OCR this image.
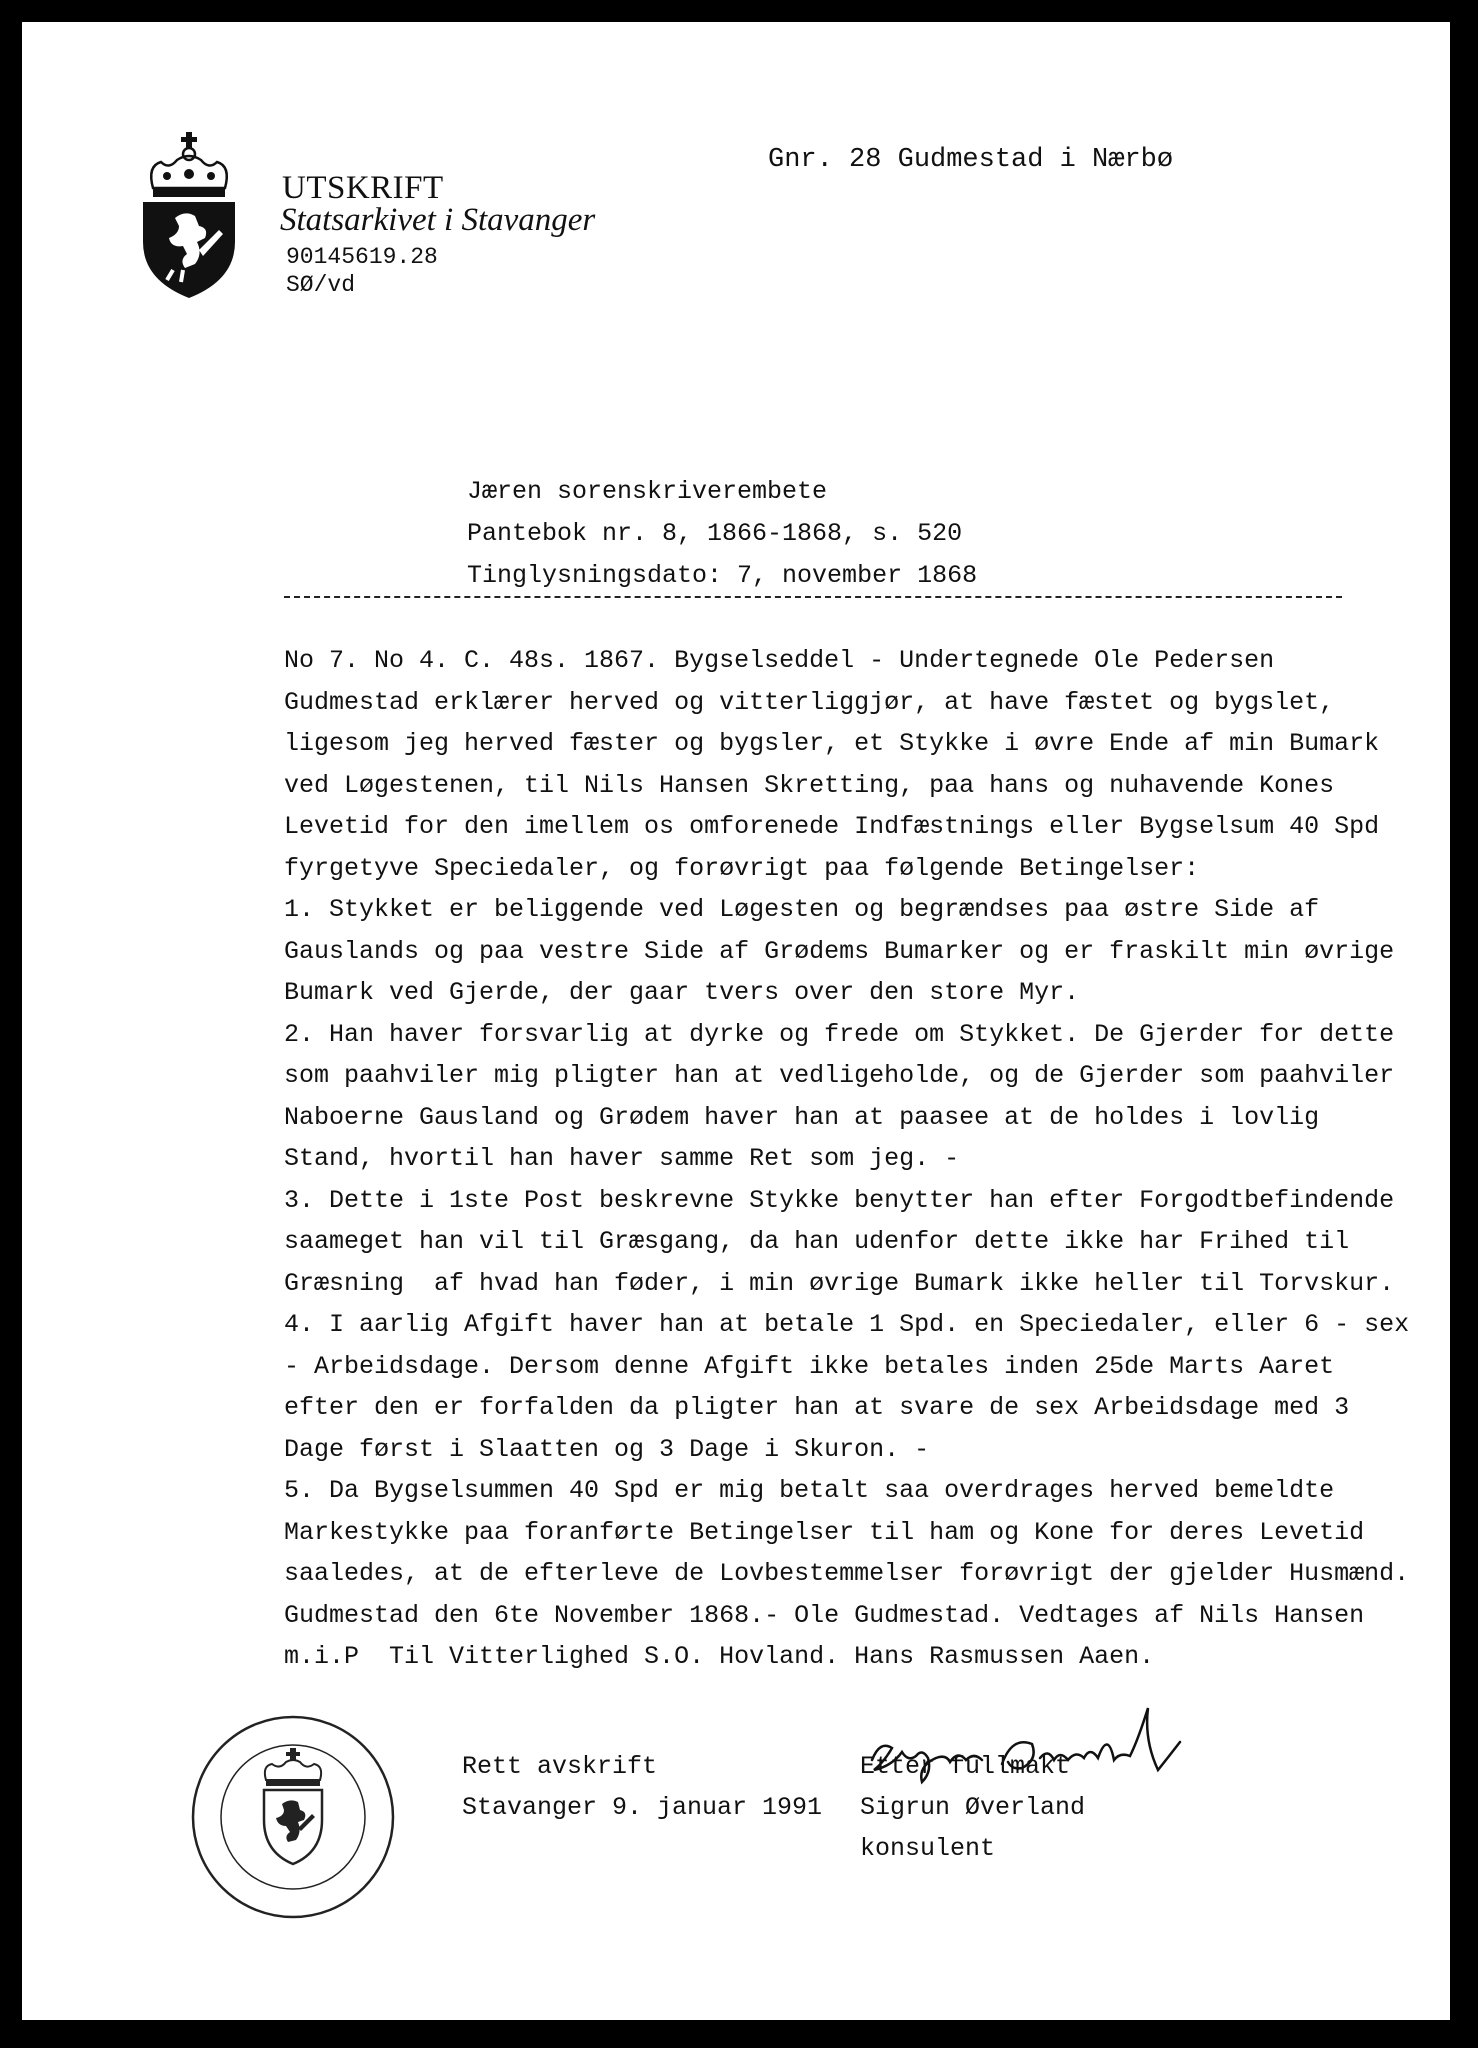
UTSKRIFT
Statsarkivet i Stavanger
90145619.28
SØ/vd
Gnr. 28 Gudmestad i Nærbø
Jæren sorenskriverembete
Pantebok nr. 8, 1866-1868, s. 520
Tinglysningsdato: 7, november 1868
No 7. No 4. C. 48s. 1867. Bygselseddel - Undertegnede Ole Pedersen
Gudmestad erklærer herved og vitterliggjør, at have fæstet og bygslet,
ligesom jeg herved fæster og bygsler, et Stykke i øvre Ende af min Bumark
ved Løgestenen, til Nils Hansen Skretting, paa hans og nuhavende Kones
Levetid for den imellem os omforenede Indfæstnings eller Bygselsum 40 Spd
fyrgetyve Speciedaler, og forøvrigt paa følgende Betingelser:
1. Stykket er beliggende ved Løgesten og begrændses paa østre Side af
Gauslands og paa vestre Side af Grødems Bumarker og er fraskilt min øvrige
Bumark ved Gjerde, der gaar tvers over den store Myr.
2. Han haver forsvarlig at dyrke og frede om Stykket. De Gjerder for dette
som paahviler mig pligter han at vedligeholde, og de Gjerder som paahviler
Naboerne Gausland og Grødem haver han at paasee at de holdes i lovlig
Stand, hvortil han haver samme Ret som jeg. -
3. Dette i 1ste Post beskrevne Stykke benytter han efter Forgodtbefindende
saameget han vil til Græsgang, da han udenfor dette ikke har Frihed til
Græsning  af hvad han føder, i min øvrige Bumark ikke heller til Torvskur.
4. I aarlig Afgift haver han at betale 1 Spd. en Speciedaler, eller 6 - sex
- Arbeidsdage. Dersom denne Afgift ikke betales inden 25de Marts Aaret
efter den er forfalden da pligter han at svare de sex Arbeidsdage med 3
Dage først i Slaatten og 3 Dage i Skuron. -
5. Da Bygselsummen 40 Spd er mig betalt saa overdrages herved bemeldte
Markestykke paa foranførte Betingelser til ham og Kone for deres Levetid
saaledes, at de efterleve de Lovbestemmelser forøvrigt der gjelder Husmænd.
Gudmestad den 6te November 1868.- Ole Gudmestad. Vedtages af Nils Hansen
m.i.P  Til Vitterlighed S.O. Hovland. Hans Rasmussen Aaen.
Rett avskrift
Stavanger 9. januar 1991
Etter fullmakt
Sigrun Øverland
konsulent
